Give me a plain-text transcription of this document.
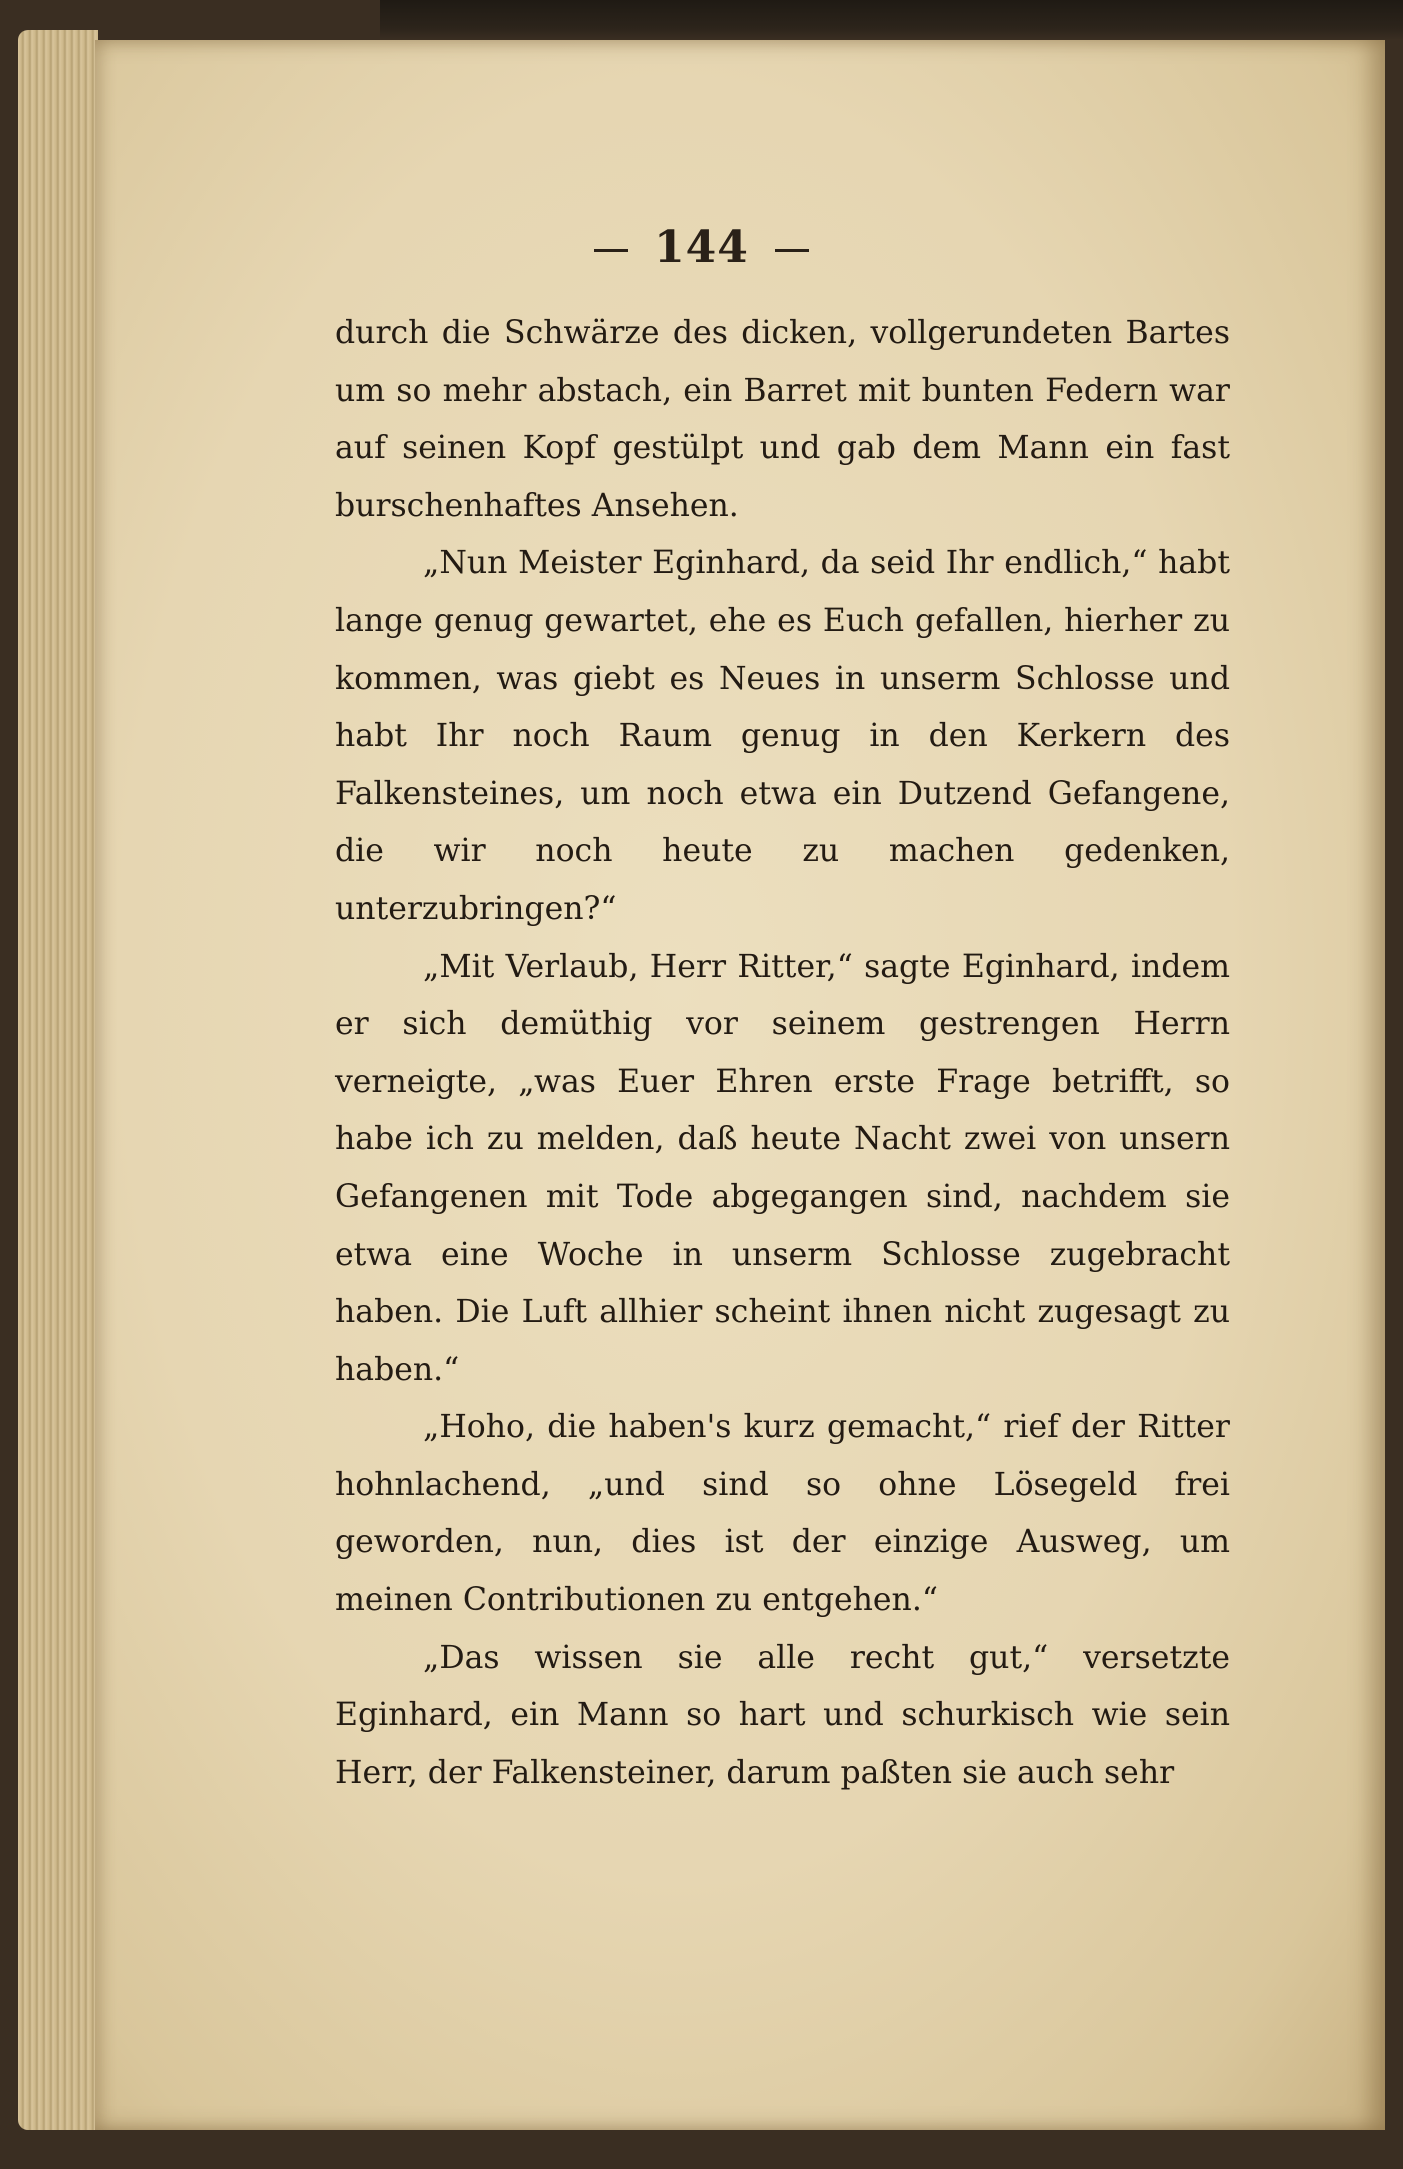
144

durch die Schwärze des dicken, vollgerundeten Bartes um so mehr abstach, ein Barret mit bunten Federn war auf seinen Kopf gestülpt und gab dem Mann ein fast burschenhaftes Ansehen.

„Nun Meister Eginhard, da seid Ihr endlich,“ habt lange genug gewartet, ehe es Euch gefallen, hierher zu kommen, was giebt es Neues in unserm Schlosse und habt Ihr noch Raum genug in den Kerkern des Falkensteines, um noch etwa ein Dutzend Gefangene, die wir noch heute zu machen gedenken, unterzubringen?“

„Mit Verlaub, Herr Ritter,“ sagte Eginhard, indem er sich demüthig vor seinem gestrengen Herrn verneigte, „was Euer Ehren erste Frage betrifft, so habe ich zu melden, daß heute Nacht zwei von unsern Gefangenen mit Tode abgegangen sind, nachdem sie etwa eine Woche in unserm Schlosse zugebracht haben. Die Luft allhier scheint ihnen nicht zugesagt zu haben.“

„Hoho, die haben's kurz gemacht,“ rief der Ritter hohnlachend, „und sind so ohne Lösegeld frei geworden, nun, dies ist der einzige Ausweg, um meinen Contributionen zu entgehen.“

„Das wissen sie alle recht gut,“ versetzte Eginhard, ein Mann so hart und schurkisch wie sein Herr, der Falkensteiner, darum paßten sie auch sehr
